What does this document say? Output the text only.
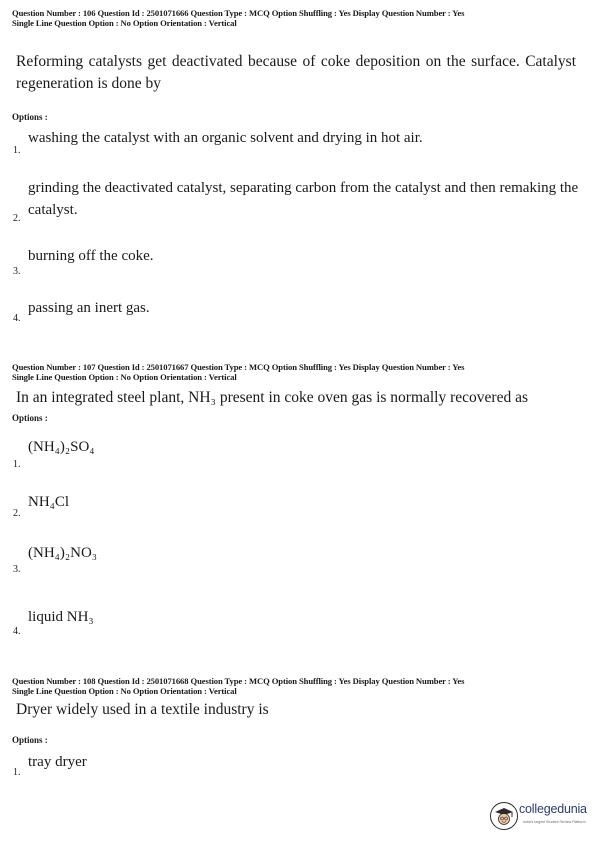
Question Number : 106 Question Id : 2501071666 Question Type : MCQ Option Shuffling : Yes Display Question Number : Yes
Single Line Question Option : No Option Orientation : Vertical
Reforming catalysts get deactivated because of coke deposition on the surface. Catalyst regeneration is done by
Options :
washing the catalyst with an organic solvent and drying in hot air.
1.
grinding the deactivated catalyst, separating carbon from the catalyst and then remaking the catalyst.
2.
burning off the coke.
3.
passing an inert gas.
4.
Question Number : 107 Question Id : 2501071667 Question Type : MCQ Option Shuffling : Yes Display Question Number : Yes
Single Line Question Option : No Option Orientation : Vertical
In an integrated steel plant, NH₃ present in coke oven gas is normally recovered as
Options :
(NH₄)₂SO₄
1.
NH₄Cl
2.
(NH₄)₂NO₃
3.
liquid NH₃
4.
Question Number : 108 Question Id : 2501071668 Question Type : MCQ Option Shuffling : Yes Display Question Number : Yes
Single Line Question Option : No Option Orientation : Vertical
Dryer widely used in a textile industry is
Options :
tray dryer
1.
collegedunia
India's largest Student Review Platform
